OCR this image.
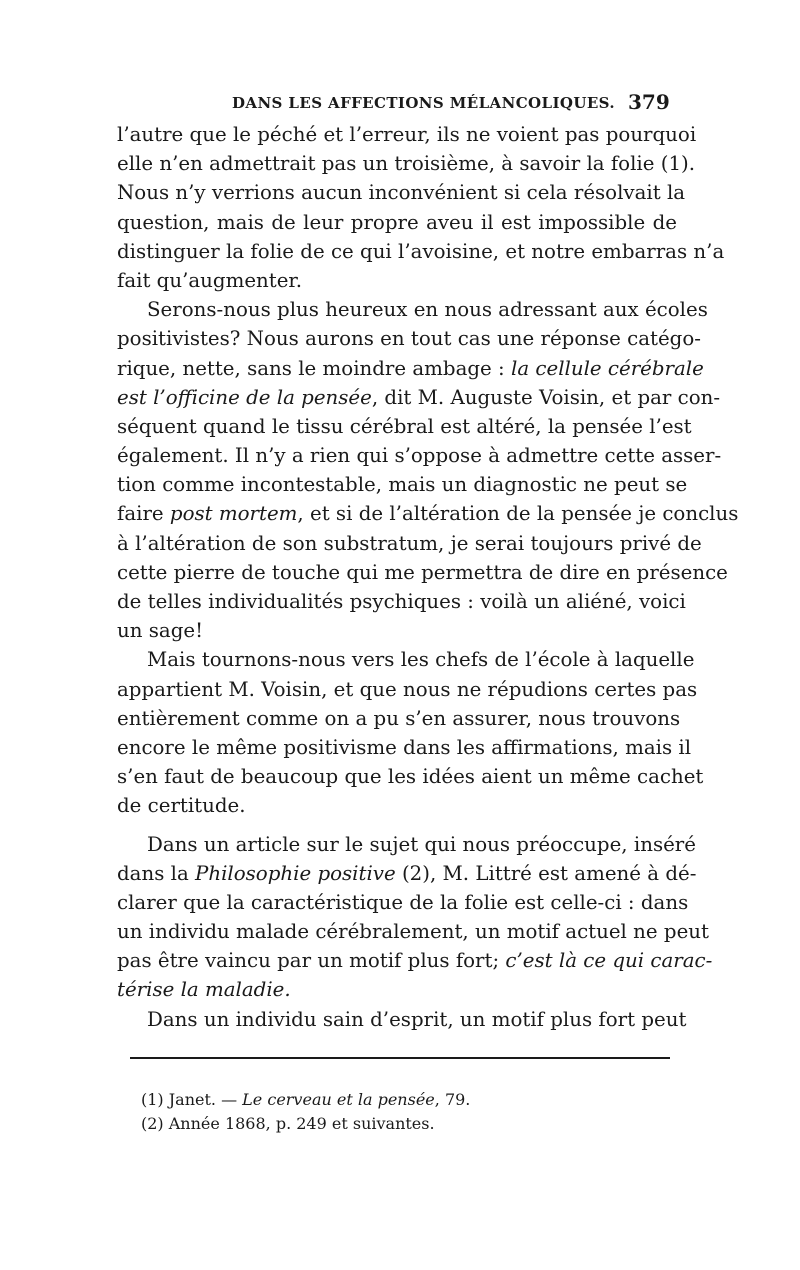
DANS LES AFFECTIONS MÉLANCOLIQUES. 379
l’autre que le péché et l’erreur, ils ne voient pas pourquoi
elle n’en admettrait pas un troisième, à savoir la folie (1).
Nous n’y verrions aucun inconvénient si cela résolvait la
question, mais de leur propre aveu il est impossible de
distinguer la folie de ce qui l’avoisine, et notre embarras n’a
fait qu’augmenter.
Serons-nous plus heureux en nous adressant aux écoles
positivistes? Nous aurons en tout cas une réponse catégo-
rique, nette, sans le moindre ambage : la cellule cérébrale
est l’officine de la pensée, dit M. Auguste Voisin, et par con-
séquent quand le tissu cérébral est altéré, la pensée l’est
également. Il n’y a rien qui s’oppose à admettre cette asser-
tion comme incontestable, mais un diagnostic ne peut se
faire post mortem, et si de l’altération de la pensée je conclus
à l’altération de son substratum, je serai toujours privé de
cette pierre de touche qui me permettra de dire en présence
de telles individualités psychiques : voilà un aliéné, voici
un sage!
Mais tournons-nous vers les chefs de l’école à laquelle
appartient M. Voisin, et que nous ne répudions certes pas
entièrement comme on a pu s’en assurer, nous trouvons
encore le même positivisme dans les affirmations, mais il
s’en faut de beaucoup que les idées aient un même cachet
de certitude.
Dans un article sur le sujet qui nous préoccupe, inséré
dans la Philosophie positive (2), M. Littré est amené à dé-
clarer que la caractéristique de la folie est celle-ci : dans
un individu malade cérébralement, un motif actuel ne peut
pas être vaincu par un motif plus fort; c’est là ce qui carac-
térise la maladie.
Dans un individu sain d’esprit, un motif plus fort peut
(1) Janet. — Le cerveau et la pensée, 79.
(2) Année 1868, p. 249 et suivantes.
